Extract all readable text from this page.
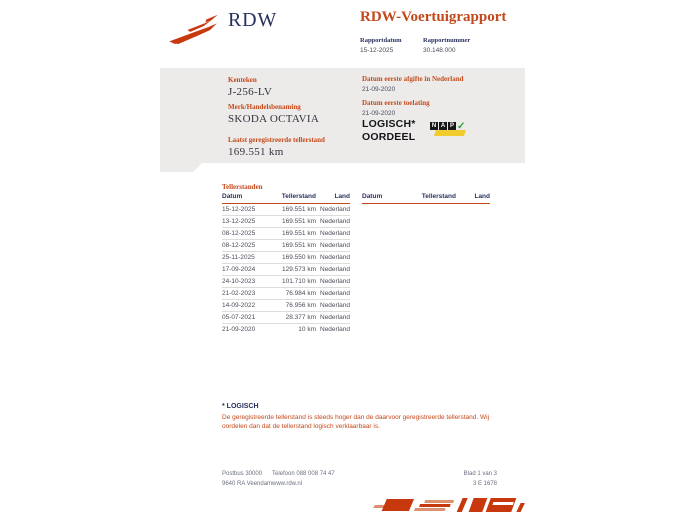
RDW	RDW-Voertuigrapport
Rapportdatum
15-12-2025
Rapportnummer
30.148.000
Kenteken
J-256-LV
Merk/Handelsbenaming
SKODA OCTAVIA
Laatst geregistreerde tellerstand
169.551 km
Datum eerste afgifte in Nederland
21-09-2020
Datum eerste toelating
21-09-2020
LOGISCH*
OORDEEL
N A P ✓
Tellerstanden
Datum	Tellerstand	Land
15-12-2025	169.551 km Nederland
13-12-2025	169.551 km Nederland
08-12-2025	169.551 km Nederland
08-12-2025	169.551 km Nederland
25-11-2025	169.550 km Nederland
17-09-2024	129.573 km Nederland
24-10-2023	101.710 km Nederland
21-02-2023	76.984 km Nederland
14-09-2022	76.956 km Nederland
05-07-2021	28.377 km Nederland
21-09-2020	10 km Nederland
Datum	Tellerstand	Land
* LOGISCH
De geregistreerde tellerstand is steeds hoger dan de daarvoor geregistreerde tellerstand. Wij oordelen dan dat de tellerstand logisch verklaarbaar is.
Postbus 30000
9640 RA Veendam
Telefoon 088 008 74 47
www.rdw.nl
Blad 1 van 3
3 E 1678
